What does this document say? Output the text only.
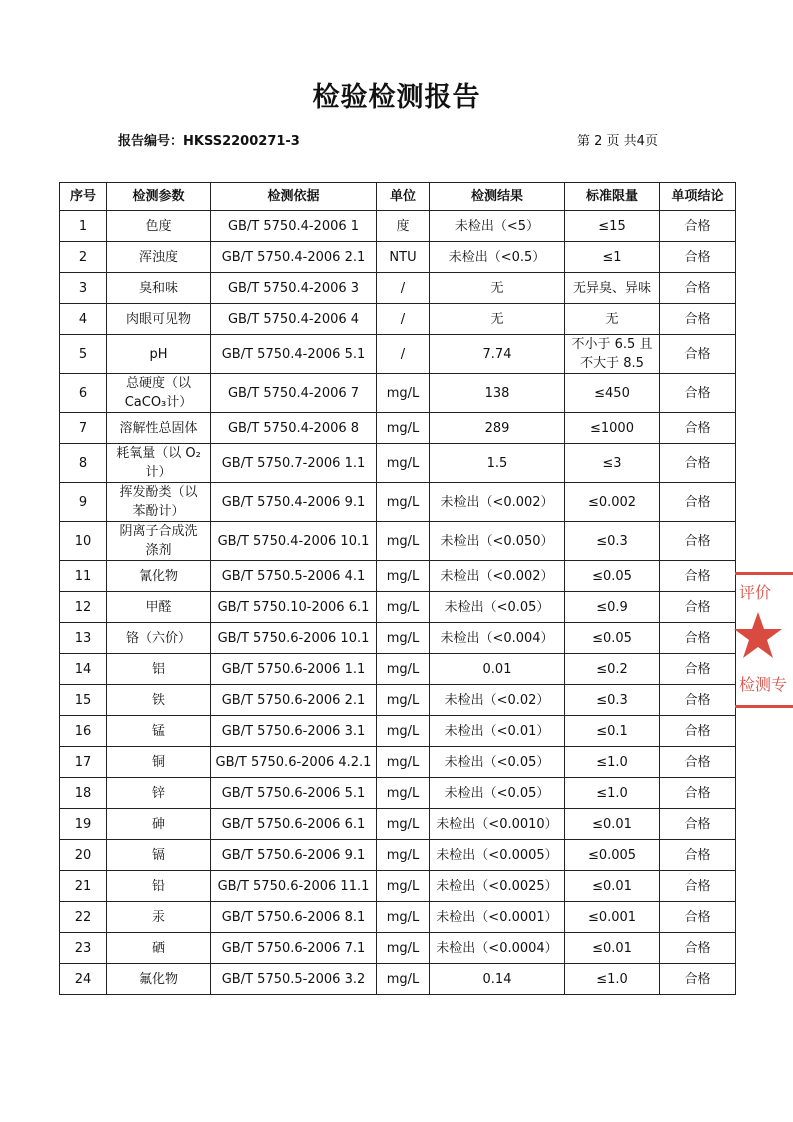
检验检测报告
报告编号：HKSS2200271-3	第 2 页 共4页
序号	检测参数	检测依据	单位	检测结果	标准限量	单项结论
1	色度	GB/T 5750.4-2006 1	度	未检出（<5）	≤15	合格
2	浑浊度	GB/T 5750.4-2006 2.1	NTU	未检出（<0.5）	≤1	合格
3	臭和味	GB/T 5750.4-2006 3	/	无	无异臭、异味	合格
4	肉眼可见物	GB/T 5750.4-2006 4	/	无	无	合格
5	pH	GB/T 5750.4-2006 5.1	/	7.74	不小于 6.5 且
不大于 8.5	合格
6	总硬度（以
CaCO₃计）	GB/T 5750.4-2006 7	mg/L	138	≤450	合格
7	溶解性总固体	GB/T 5750.4-2006 8	mg/L	289	≤1000	合格
8	耗氧量（以 O₂
计）	GB/T 5750.7-2006 1.1	mg/L	1.5	≤3	合格
9	挥发酚类（以
苯酚计）	GB/T 5750.4-2006 9.1	mg/L	未检出（<0.002）	≤0.002	合格
10	阴离子合成洗
涤剂	GB/T 5750.4-2006 10.1	mg/L	未检出（<0.050）	≤0.3	合格
11	氰化物	GB/T 5750.5-2006 4.1	mg/L	未检出（<0.002）	≤0.05	合格
12	甲醛	GB/T 5750.10-2006 6.1	mg/L	未检出（<0.05）	≤0.9	合格
13	铬（六价）	GB/T 5750.6-2006 10.1	mg/L	未检出（<0.004）	≤0.05	合格
14	铝	GB/T 5750.6-2006 1.1	mg/L	0.01	≤0.2	合格
15	铁	GB/T 5750.6-2006 2.1	mg/L	未检出（<0.02）	≤0.3	合格
16	锰	GB/T 5750.6-2006 3.1	mg/L	未检出（<0.01）	≤0.1	合格
17	铜	GB/T 5750.6-2006 4.2.1	mg/L	未检出（<0.05）	≤1.0	合格
18	锌	GB/T 5750.6-2006 5.1	mg/L	未检出（<0.05）	≤1.0	合格
19	砷	GB/T 5750.6-2006 6.1	mg/L	未检出（<0.0010）	≤0.01	合格
20	镉	GB/T 5750.6-2006 9.1	mg/L	未检出（<0.0005）	≤0.005	合格
21	铅	GB/T 5750.6-2006 11.1	mg/L	未检出（<0.0025）	≤0.01	合格
22	汞	GB/T 5750.6-2006 8.1	mg/L	未检出（<0.0001）	≤0.001	合格
23	硒	GB/T 5750.6-2006 7.1	mg/L	未检出（<0.0004）	≤0.01	合格
24	氟化物	GB/T 5750.5-2006 3.2	mg/L	0.14	≤1.0	合格
评价
检测专
